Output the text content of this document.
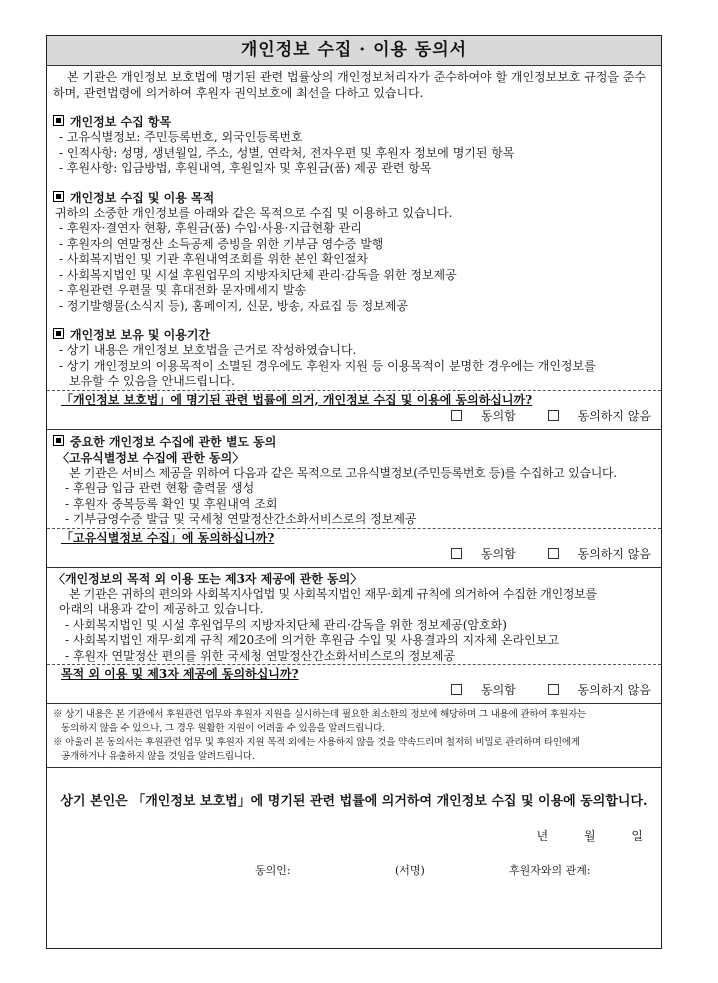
개인정보 수집 · 이용 동의서

본 기관은 개인정보 보호법에 명기된 관련 법률상의 개인정보처리자가 준수하여야 할 개인정보보호 규정을 준수하며, 관련법령에 의거하여 후원자 권익보호에 최선을 다하고 있습니다.

개인정보 수집 항목

- 고유식별정보: 주민등록번호, 외국인등록번호

- 인적사항: 성명, 생년월일, 주소, 성별, 연락처, 전자우편 및 후원자 정보에 명기된 항목

- 후원사항: 입금방법, 후원내역, 후원일자 및 후원금(품) 제공 관련 항목

개인정보 수집 및 이용 목적

귀하의 소중한 개인정보를 아래와 같은 목적으로 수집 및 이용하고 있습니다.

- 후원자·결연자 현황, 후원금(품) 수입·사용·지급현황 관리

- 후원자의 연말정산 소득공제 증빙을 위한 기부금 영수증 발행

- 사회복지법인 및 기관 후원내역조회를 위한 본인 확인절차

- 사회복지법인 및 시설 후원업무의 지방자치단체 관리·감독을 위한 정보제공

- 후원관련 우편물 및 휴대전화 문자메세지 발송

- 정기발행물(소식지 등), 홈페이지, 신문, 방송, 자료집 등 정보제공

개인정보 보유 및 이용기간

- 상기 내용은 개인정보 보호법을 근거로 작성하였습니다.

- 상기 개인정보의 이용목적이 소멸된 경우에도 후원자 지원 등 이용목적이 분명한 경우에는 개인정보를

보유할 수 있음을 안내드립니다.

「개인정보 보호법」에 명기된 관련 법률에 의거, 개인정보 수집 및 이용에 동의하십니까?

동의함	동의하지 않음

중요한 개인정보 수집에 관한 별도 동의

〈고유식별정보 수집에 관한 동의〉

본 기관은 서비스 제공을 위하여 다음과 같은 목적으로 고유식별정보(주민등록번호 등)를 수집하고 있습니다.

- 후원금 입금 관련 현황 출력물 생성

- 후원자 중복등록 확인 및 후원내역 조회

- 기부금영수증 발급 및 국세청 연말정산간소화서비스로의 정보제공

「고유식별정보 수집」에 동의하십니까?

동의함	동의하지 않음

〈개인정보의 목적 외 이용 또는 제3자 제공에 관한 동의〉

본 기관은 귀하의 편의와 사회복지사업법 및 사회복지법인 재무·회계 규칙에 의거하여 수집한 개인정보를

아래의 내용과 같이 제공하고 있습니다.

- 사회복지법인 및 시설 후원업무의 지방자치단체 관리·감독을 위한 정보제공(암호화)

- 사회복지법인 재무·회계 규칙 제20조에 의거한 후원금 수입 및 사용결과의 지자체 온라인보고

- 후원자 연말정산 편의를 위한 국세청 연말정산간소화서비스로의 정보제공

목적 외 이용 및 제3자 제공에 동의하십니까?

동의함	동의하지 않음

※ 상기 내용은 본 기관에서 후원관련 업무와 후원자 지원을 실시하는데 필요한 최소한의 정보에 해당하며 그 내용에 관하여 후원자는
동의하지 않을 수 있으나, 그 경우 원활한 지원이 어려울 수 있음을 알려드립니다.

※ 아울러 본 동의서는 후원관련 업무 및 후원자 지원 목적 외에는 사용하지 않을 것을 약속드리며 철저히 비밀로 관리하며 타인에게
공개하거나 유출하지 않을 것임을 알려드립니다.

상기 본인은 「개인정보 보호법」에 명기된 관련 법률에 의거하여 개인정보 수집 및 이용에 동의합니다.
년	월	일
동의인:	(서명)	후원자와의 관계:
